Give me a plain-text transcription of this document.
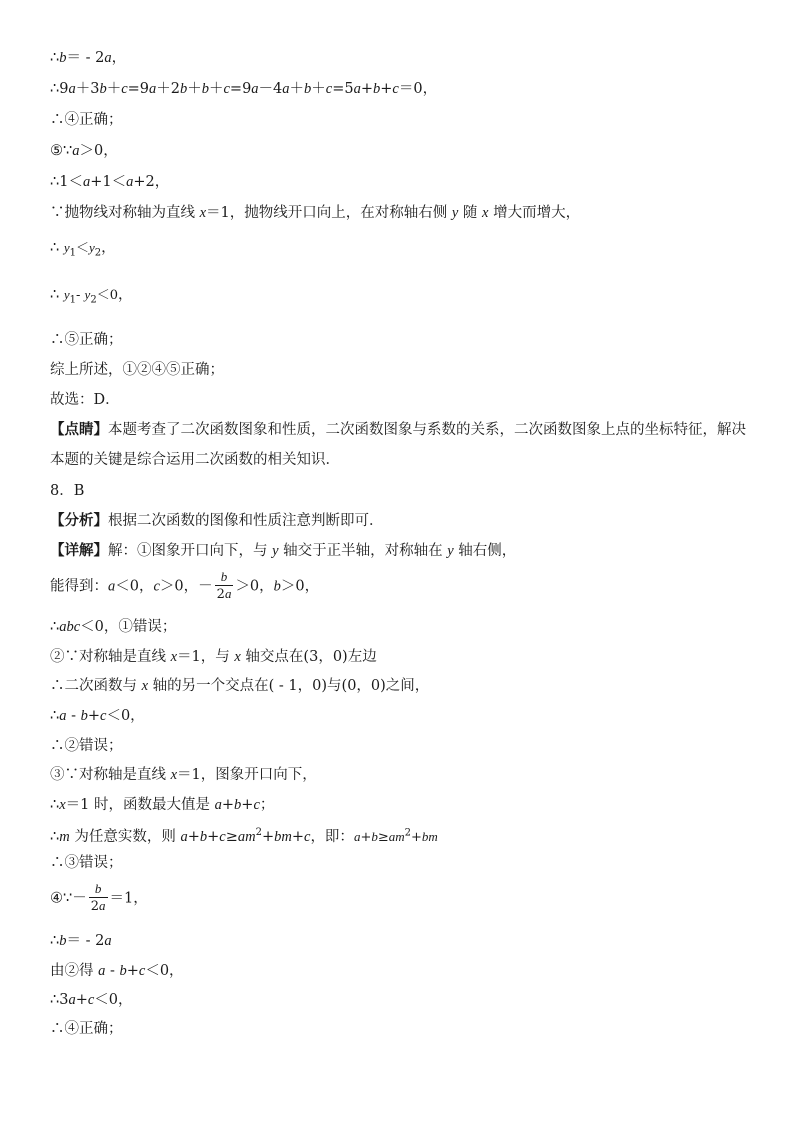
∴b＝ - 2a，
∴9a＋3b＋c=9a＋2b＋b＋c=9a－4a＋b＋c=5a+b+c＝0，
∴④正确；
⑤∵a＞0，
∴1＜a+1＜a+2，
∵抛物线对称轴为直线 x＝1，抛物线开口向上，在对称轴右侧 y 随 x 增大而增大，
∴ $y_1<y_2$，
∴ $y_1-$ $y_2<0$，
∴⑤正确；
综上所述，①②④⑤正确；
故选：D．
【点睛】本题考查了二次函数图象和性质，二次函数图象与系数的关系，二次函数图象上点的坐标特征，解决本题的关键是综合运用二次函数的相关知识．
8．B
【分析】根据二次函数的图像和性质注意判断即可．
【详解】解：①图象开口向下，与 y 轴交于正半轴，对称轴在 y 轴右侧，
能得到：a＜0，c＞0，－ $\frac{b}{2a} >0$，b＞0，
∴abc＜0，①错误；
②∵对称轴是直线 x＝1，与 x 轴交点在(3，0)左边
∴二次函数与 x 轴的另一个交点在( - 1，0)与(0，0)之间，
∴a - b+c＜0，
∴②错误；
③∵对称轴是直线 x＝1，图象开口向下，
∴x＝1 时，函数最大值是 a+b+c；
∴m 为任意实数，则 $a+b+c\ge am^2+bm+c$，即：$a+b\ge am^2+bm$
∴③错误；
④∵－ $\frac{b}{2a} =1$，
∴b＝ - 2a
由②得 a - b+c＜0，
∴3a+c＜0，
∴④正确；
